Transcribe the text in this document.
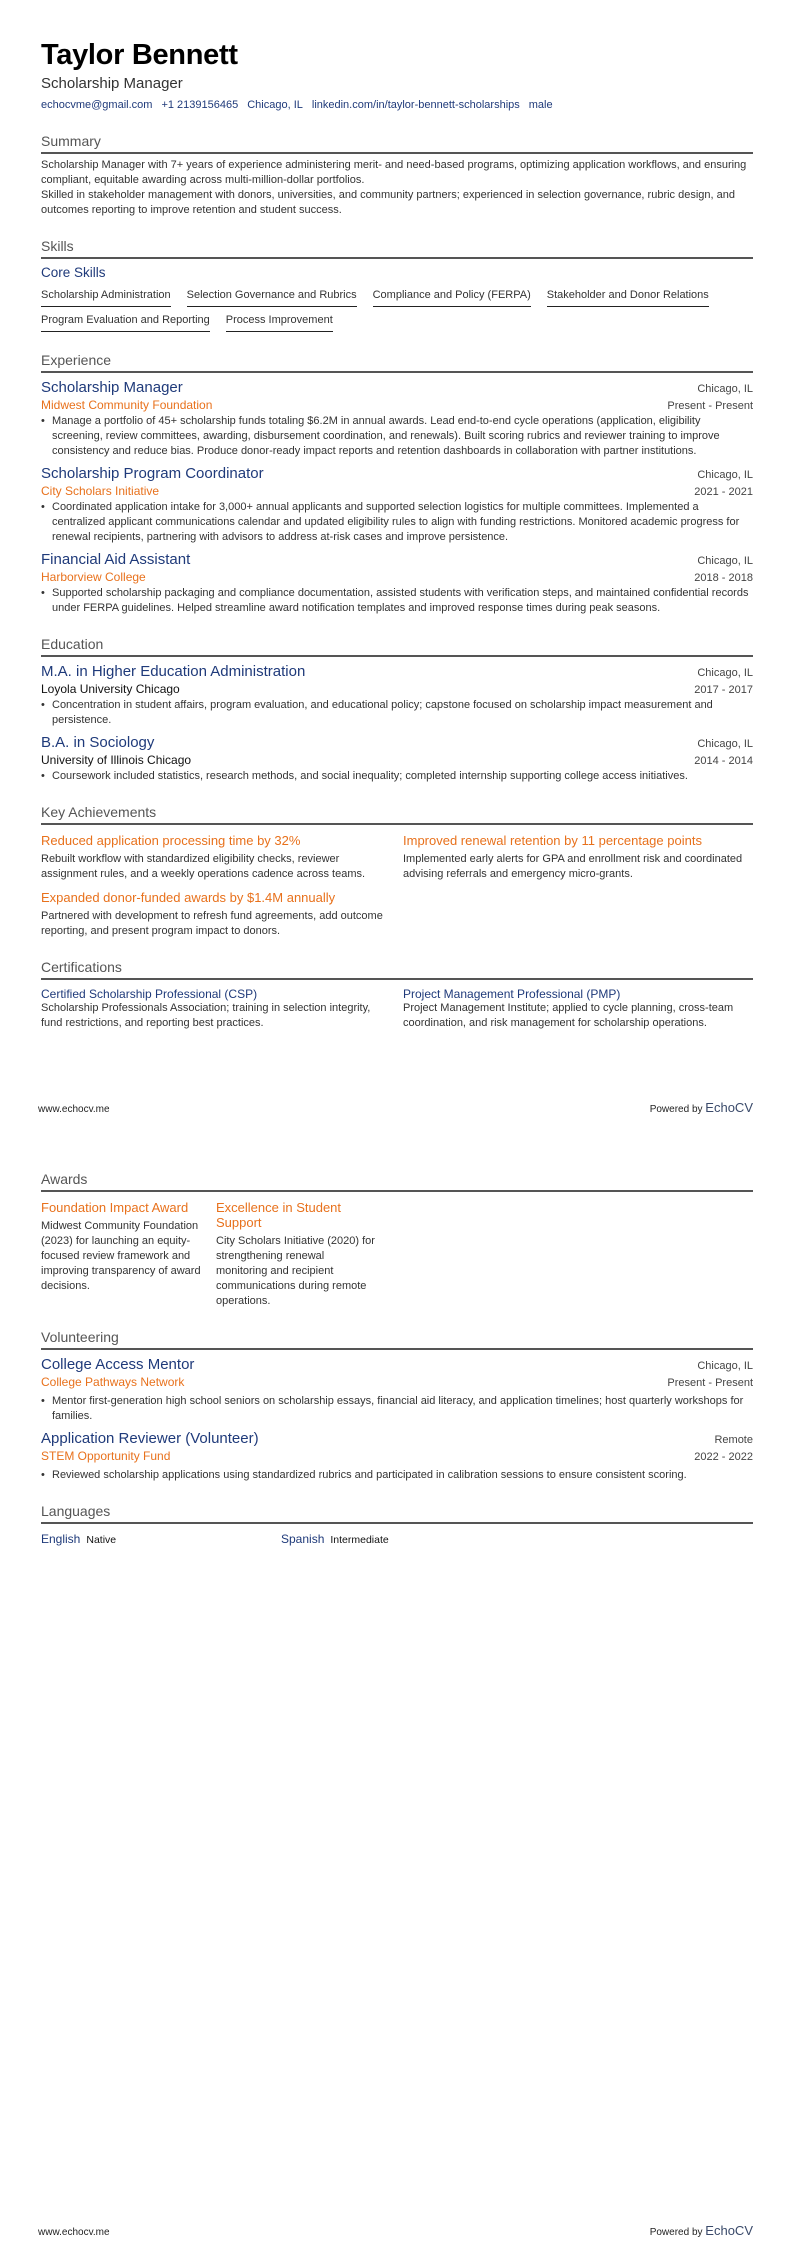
Taylor Bennett
Scholarship Manager
echocvme@gmail.com +1 2139156465 Chicago, IL linkedin.com/in/taylor-bennett-scholarships male
Summary

Scholarship Manager with 7+ years of experience administering merit- and need-based programs, optimizing application workflows, and ensuring compliant, equitable awarding across multi-million-dollar portfolios.

Skilled in stakeholder management with donors, universities, and community partners; experienced in selection governance, rubric design, and outcomes reporting to improve retention and student success.

Skills
Core Skills
Scholarship Administration Selection Governance and Rubrics Compliance and Policy (FERPA) Stakeholder and Donor Relations
Program Evaluation and Reporting Process Improvement
Experience
Scholarship Manager	Chicago, IL
Midwest Community Foundation	Present - Present
• Manage a portfolio of 45+ scholarship funds totaling $6.2M in annual awards. Lead end-to-end cycle operations (application, eligibility screening, review committees, awarding, disbursement coordination, and renewals). Built scoring rubrics and reviewer training to improve consistency and reduce bias. Produce donor-ready impact reports and retention dashboards in collaboration with partner institutions.
Scholarship Program Coordinator	Chicago, IL
City Scholars Initiative	2021 - 2021
• Coordinated application intake for 3,000+ annual applicants and supported selection logistics for multiple committees. Implemented a centralized applicant communications calendar and updated eligibility rules to align with funding restrictions. Monitored academic progress for renewal recipients, partnering with advisors to address at-risk cases and improve persistence.
Financial Aid Assistant	Chicago, IL
Harborview College	2018 - 2018
• Supported scholarship packaging and compliance documentation, assisted students with verification steps, and maintained confidential records under FERPA guidelines. Helped streamline award notification templates and improved response times during peak seasons.
Education
M.A. in Higher Education Administration	Chicago, IL
Loyola University Chicago	2017 - 2017
• Concentration in student affairs, program evaluation, and educational policy; capstone focused on scholarship impact measurement and persistence.
B.A. in Sociology	Chicago, IL
University of Illinois Chicago	2014 - 2014
• Coursework included statistics, research methods, and social inequality; completed internship supporting college access initiatives.
Key Achievements
Reduced application processing time by 32%
Rebuilt workflow with standardized eligibility checks, reviewer assignment rules, and a weekly operations cadence across teams.
Improved renewal retention by 11 percentage points
Implemented early alerts for GPA and enrollment risk and coordinated advising referrals and emergency micro-grants.
Expanded donor-funded awards by $1.4M annually
Partnered with development to refresh fund agreements, add outcome reporting, and present program impact to donors.
Certifications
Certified Scholarship Professional (CSP)
Scholarship Professionals Association; training in selection integrity, fund restrictions, and reporting best practices.
Project Management Professional (PMP)
Project Management Institute; applied to cycle planning, cross-team coordination, and risk management for scholarship operations.
www.echocv.me	Powered by EchoCV
Awards
Foundation Impact Award
Midwest Community Foundation (2023) for launching an equity-focused review framework and improving transparency of award decisions.
Excellence in Student Support
City Scholars Initiative (2020) for strengthening renewal monitoring and recipient communications during remote operations.
Volunteering
College Access Mentor	Chicago, IL
College Pathways Network	Present - Present
• Mentor first-generation high school seniors on scholarship essays, financial aid literacy, and application timelines; host quarterly workshops for families.
Application Reviewer (Volunteer)	Remote
STEM Opportunity Fund	2022 - 2022
• Reviewed scholarship applications using standardized rubrics and participated in calibration sessions to ensure consistent scoring.
Languages
English Native	Spanish Intermediate
www.echocv.me	Powered by EchoCV
